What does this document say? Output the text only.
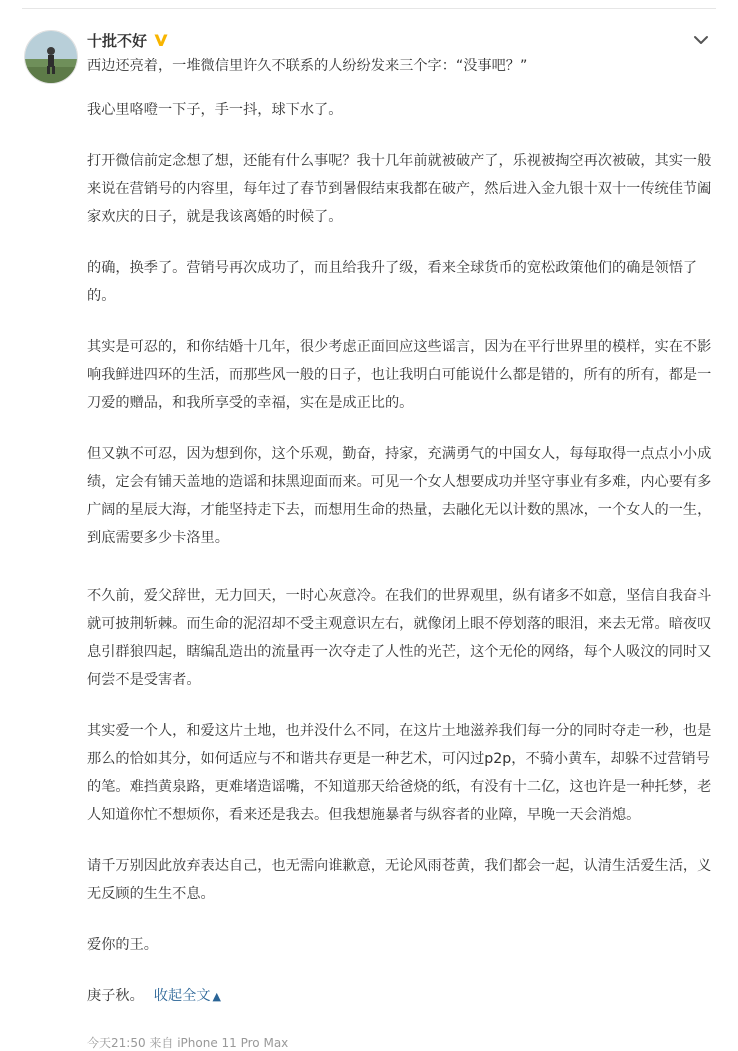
十批不好

西边还亮着，一堆微信里许久不联系的人纷纷发来三个字：“没事吧？”

我心里咯噔一下子，手一抖，球下水了。

打开微信前定念想了想，还能有什么事呢？我十几年前就被破产了，乐视被掏空再次被破，其实一般来说在营销号的内容里，每年过了春节到暑假结束我都在破产，然后进入金九银十双十一传统佳节阖家欢庆的日子，就是我该离婚的时候了。

的确，换季了。营销号再次成功了，而且给我升了级，看来全球货币的宽松政策他们的确是领悟了的。

其实是可忍的，和你结婚十几年，很少考虑正面回应这些谣言，因为在平行世界里的模样，实在不影响我鲜进四环的生活，而那些风一般的日子，也让我明白可能说什么都是错的，所有的所有，都是一刀爱的赠品，和我所享受的幸福，实在是成正比的。

但又孰不可忍，因为想到你，这个乐观，勤奋，持家，充满勇气的中国女人，每每取得一点点小小成绩，定会有铺天盖地的造谣和抹黑迎面而来。可见一个女人想要成功并坚守事业有多难，内心要有多广阔的星辰大海，才能坚持走下去，而想用生命的热量，去融化无以计数的黑冰，一个女人的一生，到底需要多少卡洛里。

不久前，爱父辞世，无力回天，一时心灰意冷。在我们的世界观里，纵有诸多不如意，坚信自我奋斗就可披荆斩棘。而生命的泥沼却不受主观意识左右，就像闭上眼不停划落的眼泪，来去无常。暗夜叹息引群狼四起，瞎编乱造出的流量再一次夺走了人性的光芒，这个无伦的网络，每个人吸汶的同时又何尝不是受害者。

其实爱一个人，和爱这片土地，也并没什么不同，在这片土地滋养我们每一分的同时夺走一秒，也是那么的恰如其分，如何适应与不和谐共存更是一种艺术，可闪过p2p，不骑小黄车，却躲不过营销号的笔。难挡黄泉路，更难堵造谣嘴，不知道那天给爸烧的纸，有没有十二亿，这也许是一种托梦，老人知道你忙不想烦你，看来还是我去。但我想施暴者与纵容者的业障，早晚一天会消熄。

请千万别因此放弃表达自己，也无需向谁歉意，无论风雨苍黄，我们都会一起，认清生活爱生活，义无反顾的生生不息。

爱你的王。

庚子秋。 收起全文 ▲

今天21:50 来自 iPhone 11 Pro Max
